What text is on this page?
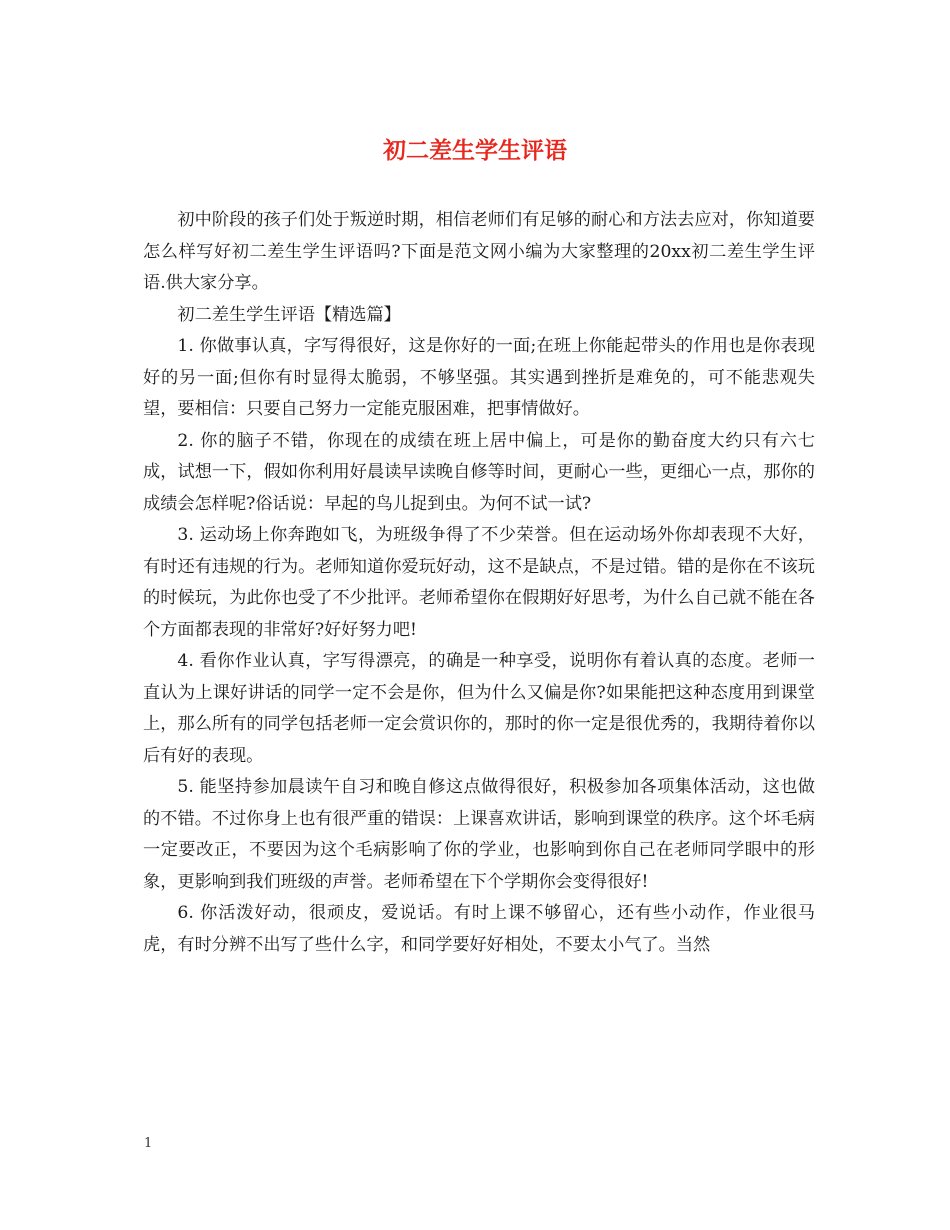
初二差生学生评语

初中阶段的孩子们处于叛逆时期，相信老师们有足够的耐心和方法去应对，你知道要怎么样写好初二差生学生评语吗?下面是范文网小编为大家整理的20xx初二差生学生评语.供大家分享。

初二差生学生评语【精选篇】

1. 你做事认真，字写得很好，这是你好的一面;在班上你能起带头的作用也是你表现好的另一面;但你有时显得太脆弱，不够坚强。其实遇到挫折是难免的，可不能悲观失望，要相信：只要自己努力一定能克服困难，把事情做好。

2. 你的脑子不错，你现在的成绩在班上居中偏上，可是你的勤奋度大约只有六七成，试想一下，假如你利用好晨读早读晚自修等时间，更耐心一些，更细心一点，那你的成绩会怎样呢?俗话说：早起的鸟儿捉到虫。为何不试一试?

3. 运动场上你奔跑如飞，为班级争得了不少荣誉。但在运动场外你却表现不大好，有时还有违规的行为。老师知道你爱玩好动，这不是缺点，不是过错。错的是你在不该玩的时候玩，为此你也受了不少批评。老师希望你在假期好好思考，为什么自己就不能在各个方面都表现的非常好?好好努力吧!

4. 看你作业认真，字写得漂亮，的确是一种享受，说明你有着认真的态度。老师一直认为上课好讲话的同学一定不会是你，但为什么又偏是你?如果能把这种态度用到课堂上，那么所有的同学包括老师一定会赏识你的，那时的你一定是很优秀的，我期待着你以后有好的表现。

5. 能坚持参加晨读午自习和晚自修这点做得很好，积极参加各项集体活动，这也做的不错。不过你身上也有很严重的错误：上课喜欢讲话，影响到课堂的秩序。这个坏毛病一定要改正，不要因为这个毛病影响了你的学业，也影响到你自己在老师同学眼中的形象，更影响到我们班级的声誉。老师希望在下个学期你会变得很好!

6. 你活泼好动，很顽皮，爱说话。有时上课不够留心，还有些小动作，作业很马虎，有时分辨不出写了些什么字，和同学要好好相处，不要太小气了。当然

1
